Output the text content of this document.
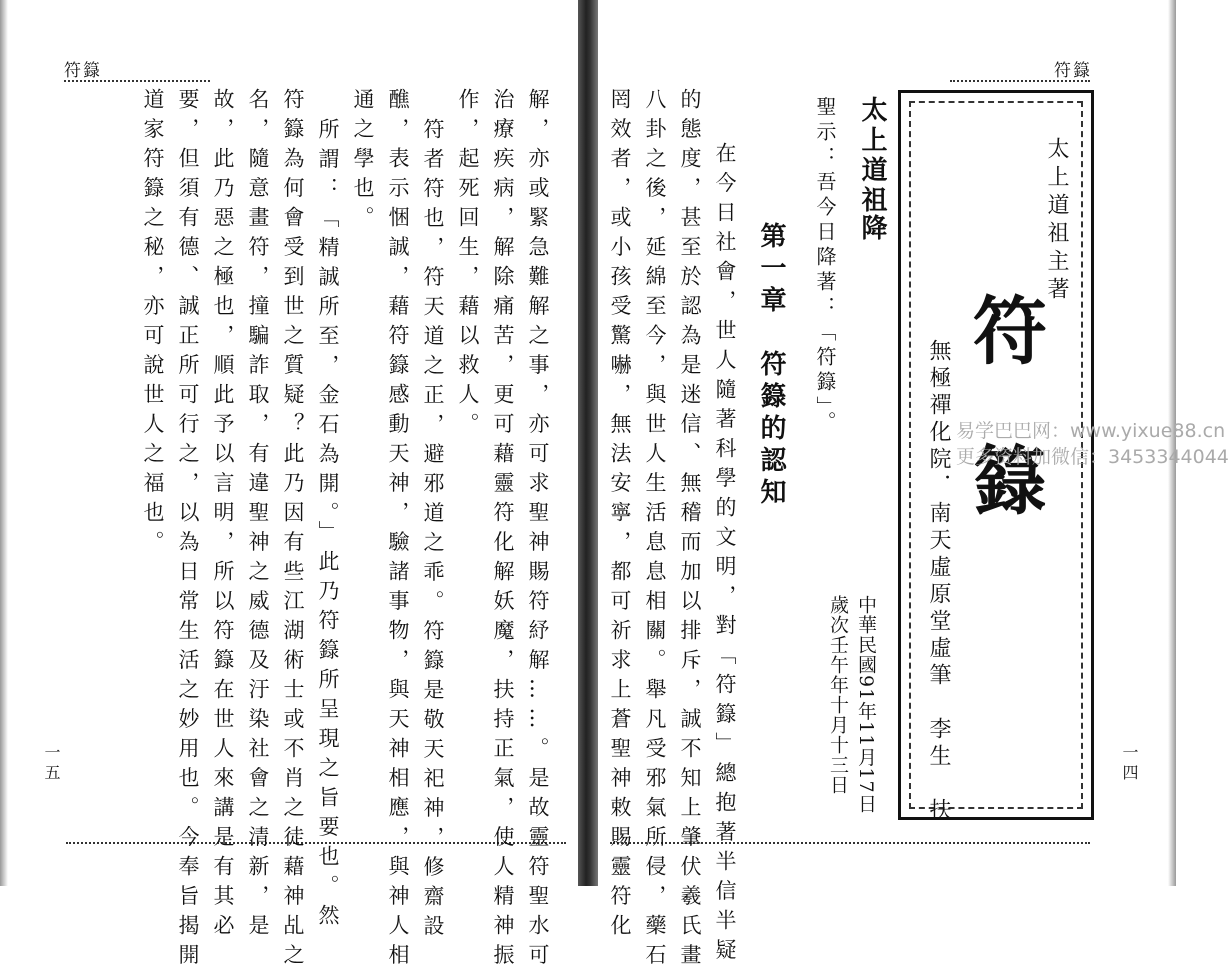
符籙
一五
解，亦或緊急難解之事，亦可求聖神賜符紓解……。是故靈符聖水可
治療疾病，解除痛苦，更可藉靈符化解妖魔，扶持正氣，使人精神振
作，起死回生，藉以救人。
通之學也。 符者符也，符天道之正，避邪道之乖。符籙是敬天祀神，修齋設
醮，表示悃誠，藉符籙感動天神，驗諸事物，與天神相應，與神人相
所謂：「精誠所至，金石為開。」此乃符籙所呈現之旨要也。然
符籙為何會受到世之質疑？此乃因有些江湖術士或不肖之徒藉神乩之
名，隨意畫符，撞騙詐取，有違聖神之威德及汙染社會之清新，是
故，此乃惡之極也，順此予以言明，所以符籙在世人來講是有其必
要，但須有德、誠正所可行之，以為日常生活之妙用也。今奉旨揭開
道家符籙之秘，亦可說世人之福也。
符籙
一四
太上道祖
降
聖示：吾今日降著：「符籙」。
第一章　符籙的認知
在今日社會，世人隨著科學的文明，對「符籙」總抱著半信半疑
的態度，甚至於認為是迷信、無稽而加以排斥，誠不知上肇伏羲氏畫
八卦之後，延綿至今，與世人生活息息相關。舉凡受邪氣所侵，藥石
罔效者，或小孩受驚嚇，無法安寧，都可祈求上蒼聖神敕賜靈符化	太上道祖主著
符
籙
無極禪化院．南天虛原堂虛筆　李生　扶
中華民國91年11月17日
歲次壬午年十月十三日
易学巴巴网：www.yixue88.cn
更多资料加微信：3453344044
